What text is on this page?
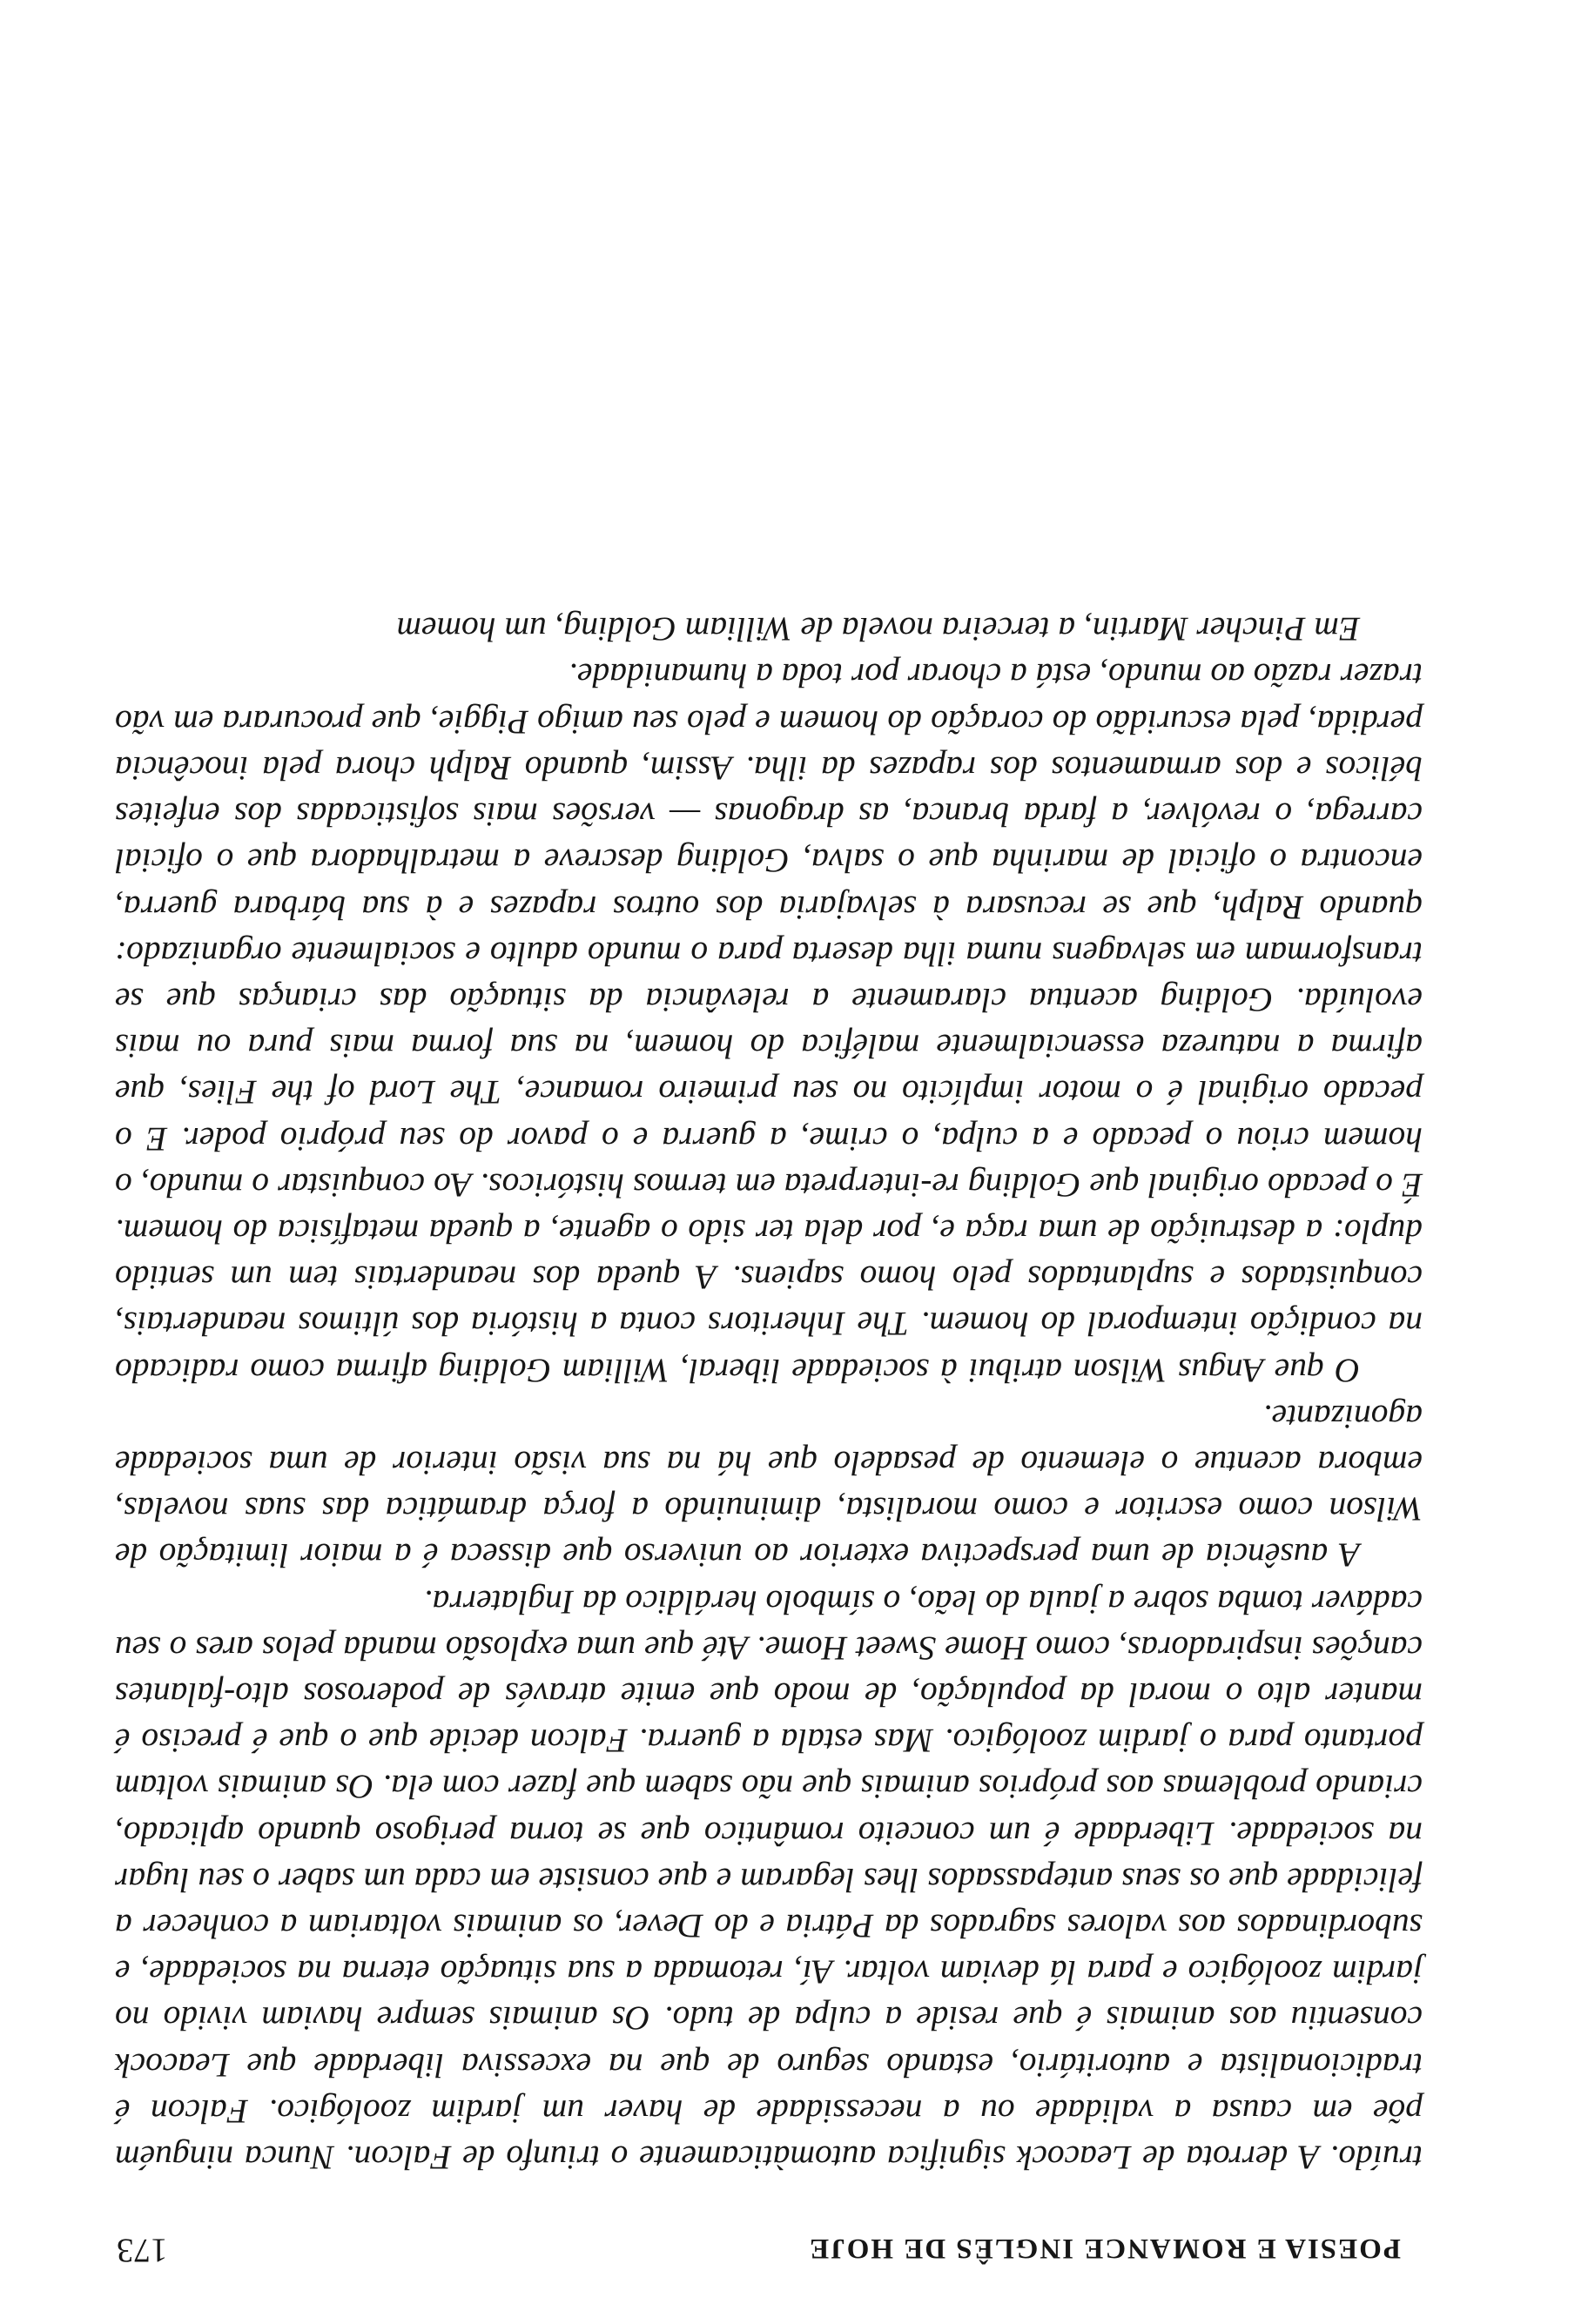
POESIA E ROMANCE INGLÊS DE HOJE
173

truído. A derrota de Leacock significa automàticamente o triunfo de Falcon. Nunca ninguém põe em causa a validade ou a necessidade de haver um jardim zoológico. Falcon é tradicionalista e autoritário, estando seguro de que na excessiva liberdade que Leacock consentiu aos animais é que reside a culpa de tudo. Os animais sempre haviam vivido no jardim zoológico e para lá deviam voltar. Aí, retomada a sua situação eterna na sociedade, e subordinados aos valores sagrados da Pátria e do Dever, os animais voltariam a conhecer a felicidade que os seus antepassados lhes legaram e que consiste em cada um saber o seu lugar na sociedade. Liberdade é um conceito romântico que se torna perigoso quando aplicado, criando problemas aos próprios animais que não sabem que fazer com ela. Os animais voltam portanto para o jardim zoológico. Mas estala a guerra. Falcon decide que o que é preciso é manter alto o moral da população, de modo que emite através de poderosos alto-falantes canções inspiradoras, como Home Sweet Home. Até que uma explosão manda pelos ares o seu cadáver tomba sobre a jaula do leão, o símbolo heráldico da Inglaterra.

A ausência de uma perspectiva exterior ao universo que disseca é a maior limitação de Wilson como escritor e como moralista, diminuindo a força dramática das suas novelas, embora acentue o elemento de pesadelo que há na sua visão interior de uma sociedade agonizante.

O que Angus Wilson atribui à sociedade liberal, William Golding afirma como radicado na condição intemporal do homem. The Inheritors conta a história dos últimos neandertais, conquistados e suplantados pelo homo sapiens. A queda dos neandertais tem um sentido duplo: a destruição de uma raça e, por dela ter sido o agente, a queda metafísica do homem. É o pecado original que Golding re-interpreta em termos históricos. Ao conquistar o mundo, o homem criou o pecado e a culpa, o crime, a guerra e o pavor do seu próprio poder. E o pecado original é o motor implícito no seu primeiro romance, The Lord of the Flies, que afirma a natureza essencialmente maléfica do homem, na sua forma mais pura ou mais evoluída. Golding acentua claramente a relevância da situação das crianças que se transformam em selvagens numa ilha deserta para o mundo adulto e socialmente organizado: quando Ralph, que se recusara à selvajaria dos outros rapazes e à sua bárbara guerra, encontra o oficial de marinha que o salva, Golding descreve a metralhadora que o oficial carrega, o revólver, a farda branca, as dragonas — versões mais sofisticadas dos enfeites bélicos e dos armamentos dos rapazes da ilha. Assim, quando Ralph chora pela inocência perdida, pela escuridão do coração do homem e pelo seu amigo Piggie, que procurara em vão trazer razão ao mundo, está a chorar por toda a humanidade.

Em Pincher Martin, a terceira novela de William Golding, um homem
